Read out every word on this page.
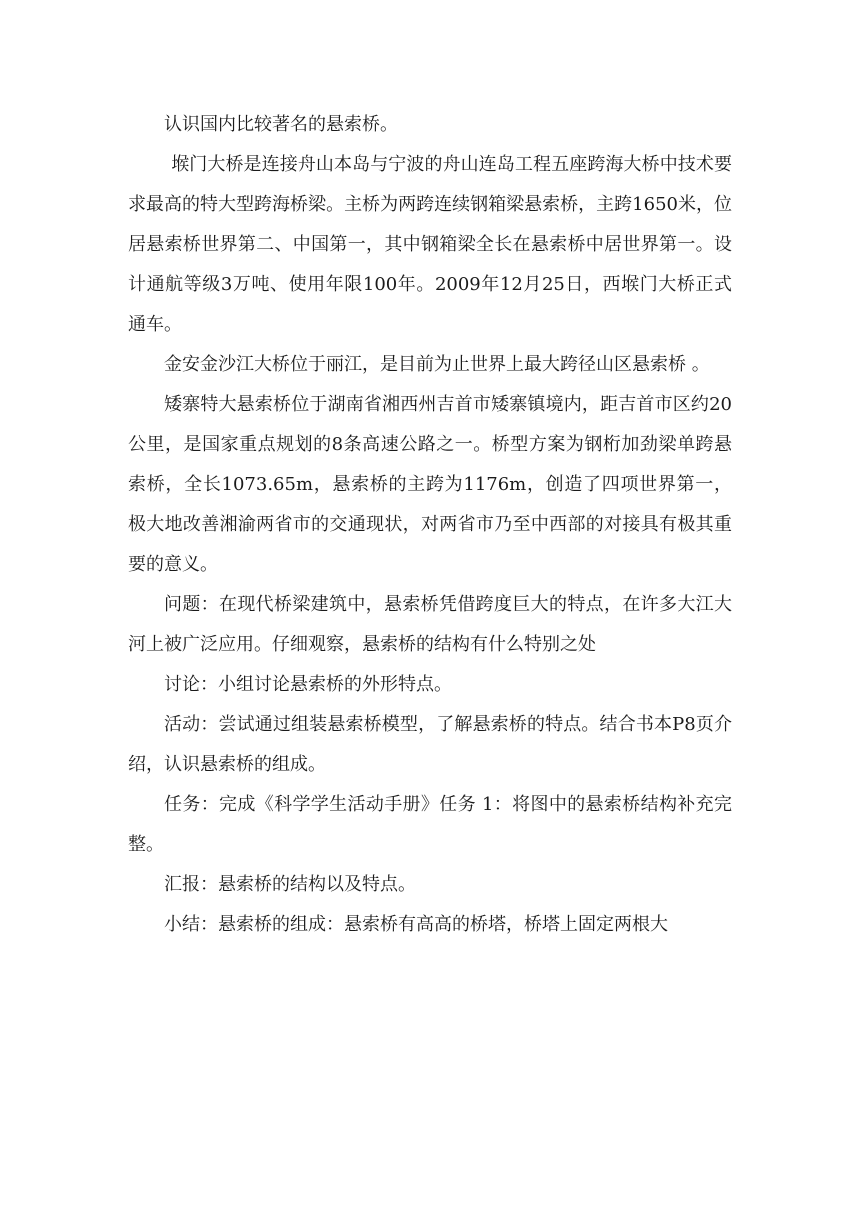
认识国内比较著名的悬索桥。

堠门大桥是连接舟山本岛与宁波的舟山连岛工程五座跨海大桥中技术要求最高的特大型跨海桥梁。主桥为两跨连续钢箱梁悬索桥，主跨1650米，位居悬索桥世界第二、中国第一，其中钢箱梁全长在悬索桥中居世界第一。设计通航等级3万吨、使用年限100年。2009年12月25日，西堠门大桥正式通车。

金安金沙江大桥位于丽江，是目前为止世界上最大跨径山区悬索桥 。

矮寨特大悬索桥位于湖南省湘西州吉首市矮寨镇境内，距吉首市区约20公里，是国家重点规划的8条高速公路之一。桥型方案为钢桁加劲梁单跨悬索桥，全长1073.65m，悬索桥的主跨为1176m，创造了四项世界第一，极大地改善湘渝两省市的交通现状，对两省市乃至中西部的对接具有极其重要的意义。

问题：在现代桥梁建筑中，悬索桥凭借跨度巨大的特点，在许多大江大河上被广泛应用。仔细观察，悬索桥的结构有什么特别之处

讨论：小组讨论悬索桥的外形特点。

活动：尝试通过组装悬索桥模型，了解悬索桥的特点。结合书本P8页介绍，认识悬索桥的组成。

任务：完成《科学学生活动手册》任务 1：将图中的悬索桥结构补充完整。

汇报：悬索桥的结构以及特点。

小结：悬索桥的组成：悬索桥有高高的桥塔，桥塔上固定两根大
